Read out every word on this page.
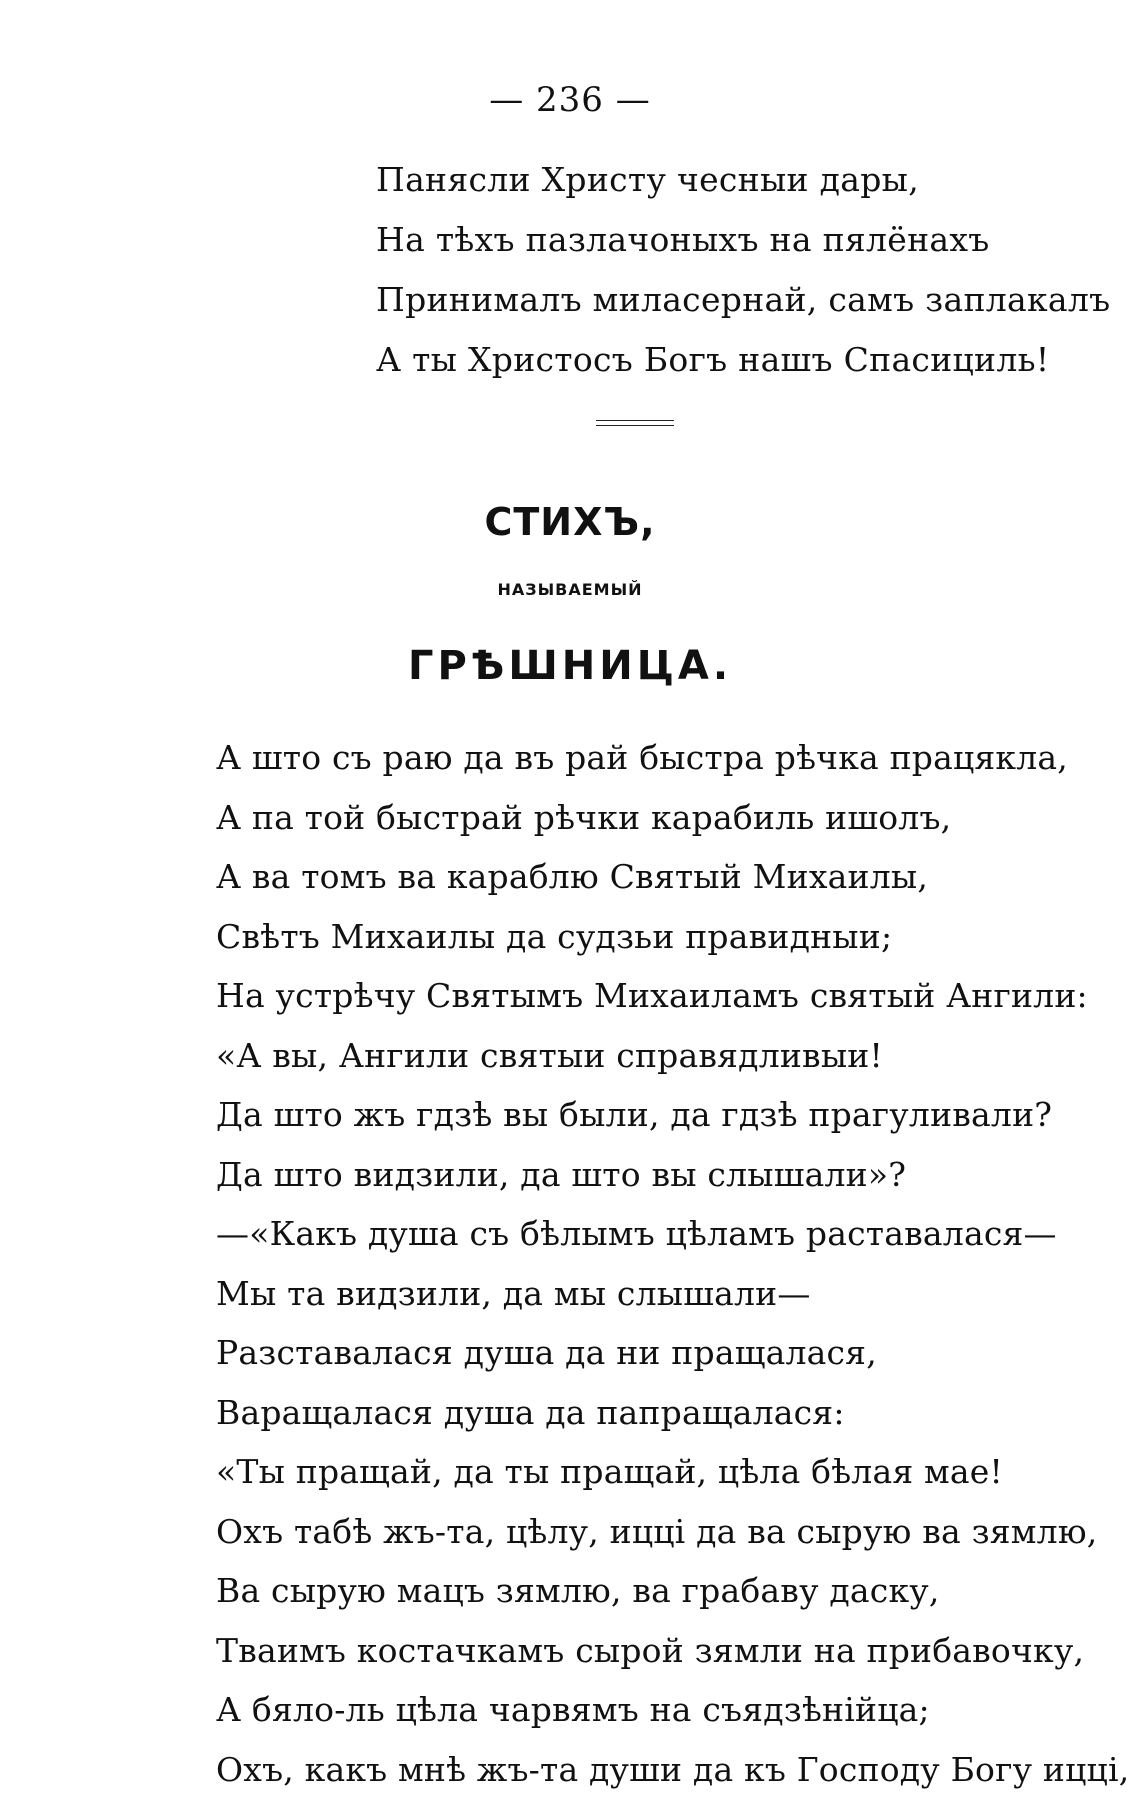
— 236 —
Панясли Христу чесныи дары,
На тѣхъ пазлачоныхъ на пялёнахъ
Принималъ миласернай, самъ заплакалъ
А ты Христосъ Богъ нашъ Спасициль!
СТИХЪ,
НАЗЫВАЕМЫЙ
ГРѢШНИЦА.
А што съ раю да въ рай быстра рѣчка працякла,
А па той быстрай рѣчки карабиль ишолъ,
А ва томъ ва караблю Святый Михаилы,
Свѣтъ Михаилы да судзьи правидныи;
На устрѣчу Святымъ Михаиламъ святый Ангили:
«А вы, Ангили святыи справядливыи!
Да што жъ гдзѣ вы были, да гдзѣ прагуливали?
Да што видзили, да што вы слышали»?
—«Какъ душа съ бѣлымъ цѣламъ раставалася—
Мы та видзили, да мы слышали—
Разставалася душа да ни пращалася,
Варащалася душа да папращалася:
«Ты пращай, да ты пращай, цѣла бѣлая мае!
Охъ табѣ жъ-та, цѣлу, иццi да ва сырую ва зямлю,
Ва сырую мацъ зямлю, ва грабаву даску,
Тваимъ костачкамъ сырой зямли на прибавочку,
А бяло-ль цѣла чарвямъ на съядзѣнiйца;
Охъ, какъ мнѣ жъ-та души да къ Господу Богу иццi,
